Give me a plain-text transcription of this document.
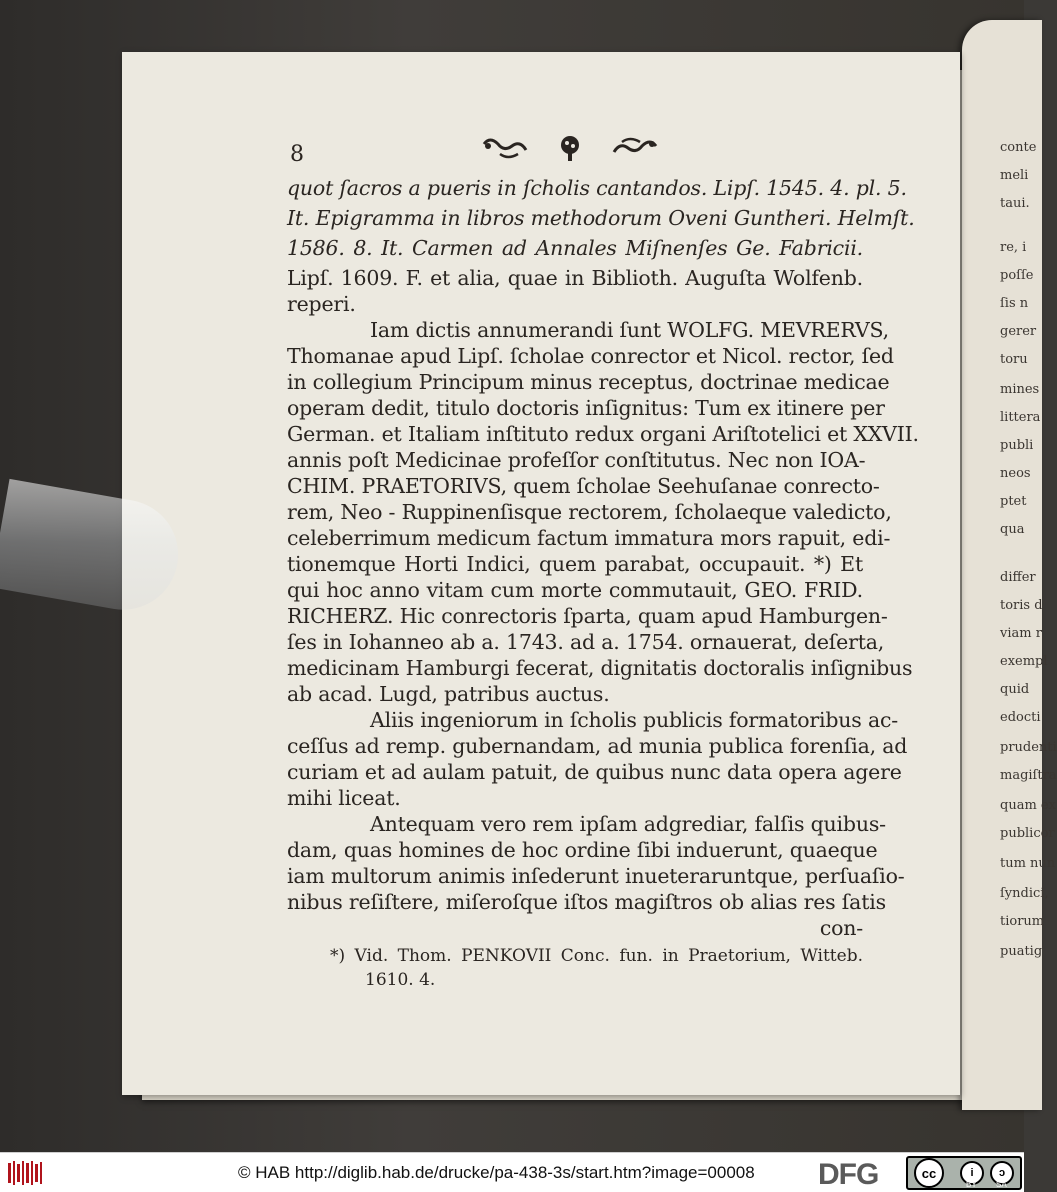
conte
meli
taui.
re, i
poſſe
ſis n
gerer
toru
mines
littera
publi
neos
ptet
qua
differ
toris d
viam r
exempl
quid
edocti
prudenti
magiſtra
quam ex
publicor
tum nun
ſyndici,
tiorum
puatig
8
quot ſacros a pueris in ſcholis cantandos. Lipſ. 1545. 4. pl. 5.
It. Epigramma in libros methodorum Oveni Guntheri. Helmſt.
1586. 8. It. Carmen ad Annales Miſnenſes Ge. Fabricii.
Lipſ. 1609. F. et alia, quae in Biblioth. Auguſta Wolfenb.
reperi.
Iam dictis annumerandi ſunt WOLFG. MEVRERVS,
Thomanae apud Lipſ. ſcholae conrector et Nicol. rector, ſed
in collegium Principum minus receptus, doctrinae medicae
operam dedit, titulo doctoris inſignitus: Tum ex itinere per
German. et Italiam inſtituto redux organi Ariſtotelici et XXVII.
annis poſt Medicinae profeſſor conſtitutus. Nec non IOA-
CHIM. PRAETORIVS, quem ſcholae Seehuſanae conrecto-
rem, Neo - Ruppinenſisque rectorem, ſcholaeque valedicto,
celeberrimum medicum factum immatura mors rapuit, edi-
tionemque Horti Indici, quem parabat, occupauit. *) Et
qui hoc anno vitam cum morte commutauit, GEO. FRID.
RICHERZ. Hic conrectoris ſparta, quam apud Hamburgen-
ſes in Iohanneo ab a. 1743. ad a. 1754. ornauerat, deſerta,
medicinam Hamburgi fecerat, dignitatis doctoralis inſignibus
ab acad. Lugd, patribus auctus.
Aliis ingeniorum in ſcholis publicis formatoribus ac-
ceſſus ad remp. gubernandam, ad munia publica forenſia, ad
curiam et ad aulam patuit, de quibus nunc data opera agere
mihi liceat.
Antequam vero rem ipſam adgrediar, falſis quibus-
dam, quas homines de hoc ordine ſibi induerunt, quaeque
iam multorum animis inſederunt inueteraruntque, perſuaſio-
nibus reſiſtere, miſeroſque iſtos magiſtros ob alias res ſatis
con-
*) Vid. Thom. PENKOVII Conc. fun. in Praetorium, Witteb.
1610. 4.
© HAB http://diglib.hab.de/drucke/pa-438-3s/start.htm?image=00008 DFG	cc	i	ↄ
BY SA
